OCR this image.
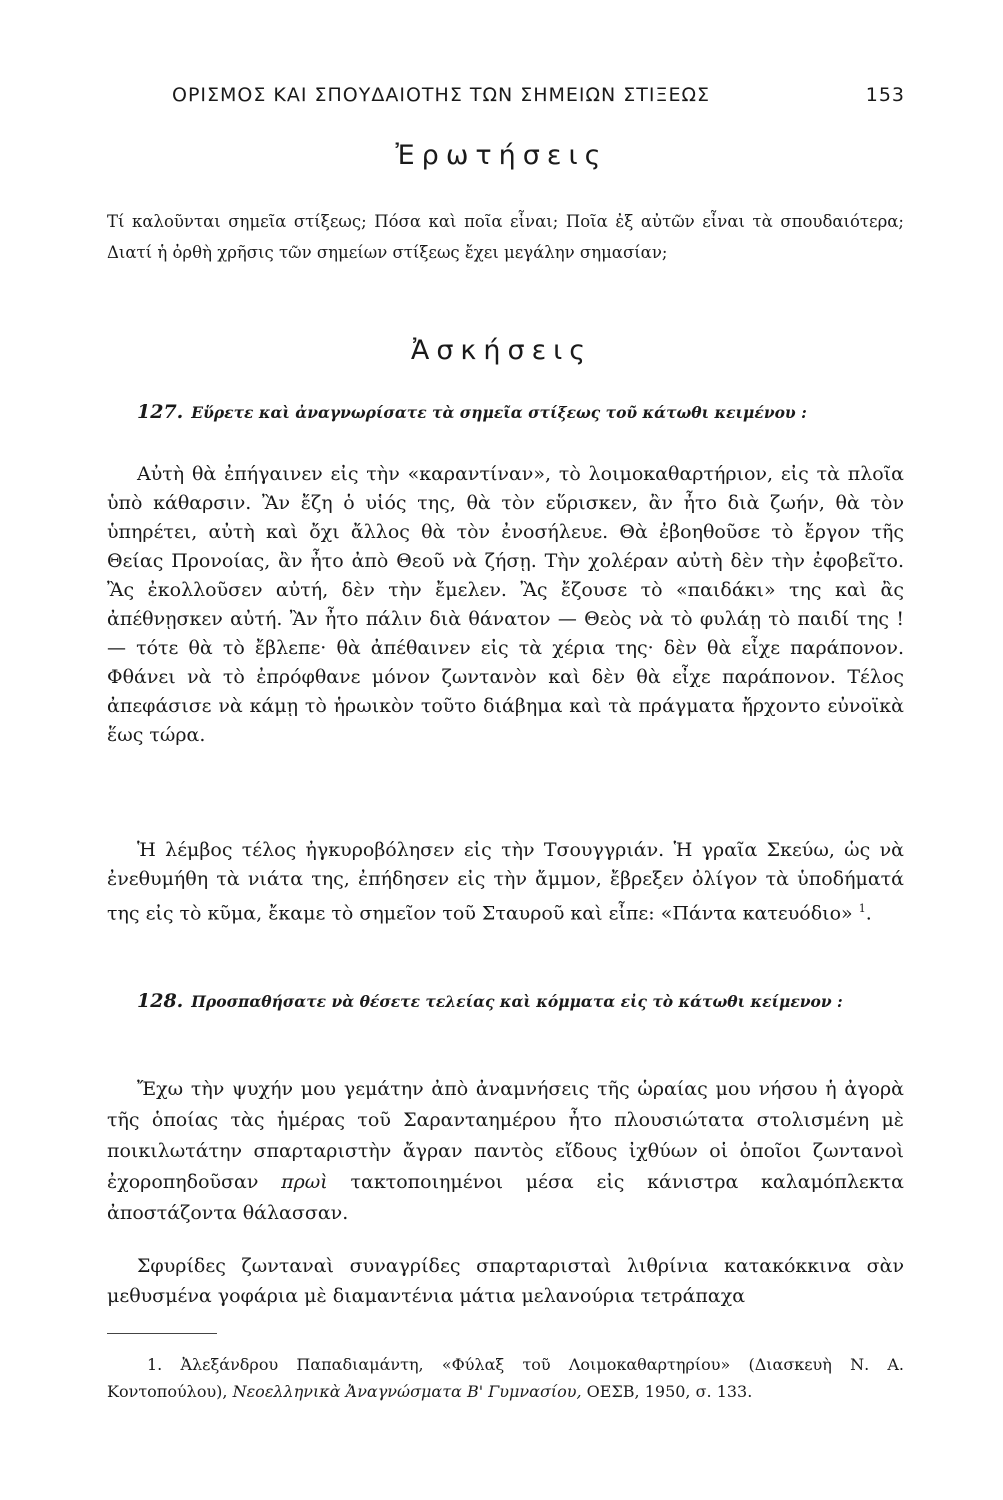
ΟΡΙΣΜΟΣ ΚΑΙ ΣΠΟΥΔΑΙΟΤΗΣ ΤΩΝ ΣΗΜΕΙΩΝ ΣΤΙΞΕΩΣ	153
Ἐρωτήσεις
Τί καλοῦνται σημεῖα στίξεως; Πόσα καὶ ποῖα εἶναι; Ποῖα ἐξ αὐτῶν εἶναι τὰ σπουδαιότερα; Διατί ἡ ὀρθὴ χρῆσις τῶν σημείων στίξεως ἔχει μεγάλην σημασίαν;
Ἀσκήσεις
127. Εὕρετε καὶ ἀναγνωρίσατε τὰ σημεῖα στίξεως τοῦ κάτωθι κειμένου :
Αὐτὴ θὰ ἐπήγαινεν εἰς τὴν «καραντίναν», τὸ λοιμοκαθαρτήριον, εἰς τὰ πλοῖα ὑπὸ κάθαρσιν. Ἂν ἔζη ὁ υἱός της, θὰ τὸν εὕρισκεν, ἂν ἦτο διὰ ζωήν, θὰ τὸν ὑπηρέτει, αὐτὴ καὶ ὄχι ἄλλος θὰ τὸν ἐνοσήλευε. Θὰ ἐβοηθοῦσε τὸ ἔργον τῆς Θείας Προνοίας, ἂν ἦτο ἀπὸ Θεοῦ νὰ ζήσῃ. Τὴν χολέραν αὐτὴ δὲν τὴν ἐφοβεῖτο. Ἂς ἐκολλοῦσεν αὐτή, δὲν τὴν ἔμελεν. Ἂς ἔζουσε τὸ «παιδάκι» της καὶ ἂς ἀπέθνῃσκεν αὐτή. Ἂν ἦτο πάλιν διὰ θάνατον — Θεὸς νὰ τὸ φυλάῃ τὸ παιδί της ! — τότε θὰ τὸ ἔβλεπε· θὰ ἀπέθαινεν εἰς τὰ χέρια της· δὲν θὰ εἶχε παράπονον. Φθάνει νὰ τὸ ἐπρόφθανε μόνον ζωντανὸν καὶ δὲν θὰ εἶχε παράπονον. Τέλος ἀπεφάσισε νὰ κάμῃ τὸ ἡρωικὸν τοῦτο διάβημα καὶ τὰ πράγματα ἤρχοντο εὐνοϊκὰ ἕως τώρα.
Ἡ λέμβος τέλος ἠγκυροβόλησεν εἰς τὴν Τσουγγριάν. Ἡ γραῖα Σκεύω, ὡς νὰ ἐνεθυμήθη τὰ νιάτα της, ἐπήδησεν εἰς τὴν ἄμμον, ἔβρεξεν ὀλίγον τὰ ὑποδήματά της εἰς τὸ κῦμα, ἔκαμε τὸ σημεῖον τοῦ Σταυροῦ καὶ εἶπε: «Πάντα κατευόδιο» $^1$.
128. Προσπαθήσατε νὰ θέσετε τελείας καὶ κόμματα εἰς τὸ κάτωθι κείμενον :
Ἔχω τὴν ψυχήν μου γεμάτην ἀπὸ ἀναμνήσεις τῆς ὡραίας μου νήσου ἡ ἀγορὰ τῆς ὁποίας τὰς ἡμέρας τοῦ Σαρανταημέρου ἦτο πλουσιώτατα στολισμένη μὲ ποικιλωτάτην σπαρταριστὴν ἄγραν παντὸς εἴδους ἰχθύων οἱ ὁποῖοι ζωντανοὶ ἐχοροπηδοῦσαν πρωὶ τακτοποιημένοι μέσα εἰς κάνιστρα καλαμόπλεκτα ἀποστάζοντα θάλασσαν.
Σφυρίδες ζωνταναὶ συναγρίδες σπαρταρισταὶ λιθρίνια κατακόκκινα σὰν μεθυσμένα γοφάρια μὲ διαμαντένια μάτια μελανούρια τετράπαχα
1. Ἀλεξάνδρου Παπαδιαμάντη, «Φύλαξ τοῦ Λοιμοκαθαρτηρίου» (Διασκευὴ Ν. Α. Κοντοπούλου), Νεοελληνικὰ Ἀναγνώσματα Β' Γυμνασίου, ΟΕΣΒ, 1950, σ. 133.
